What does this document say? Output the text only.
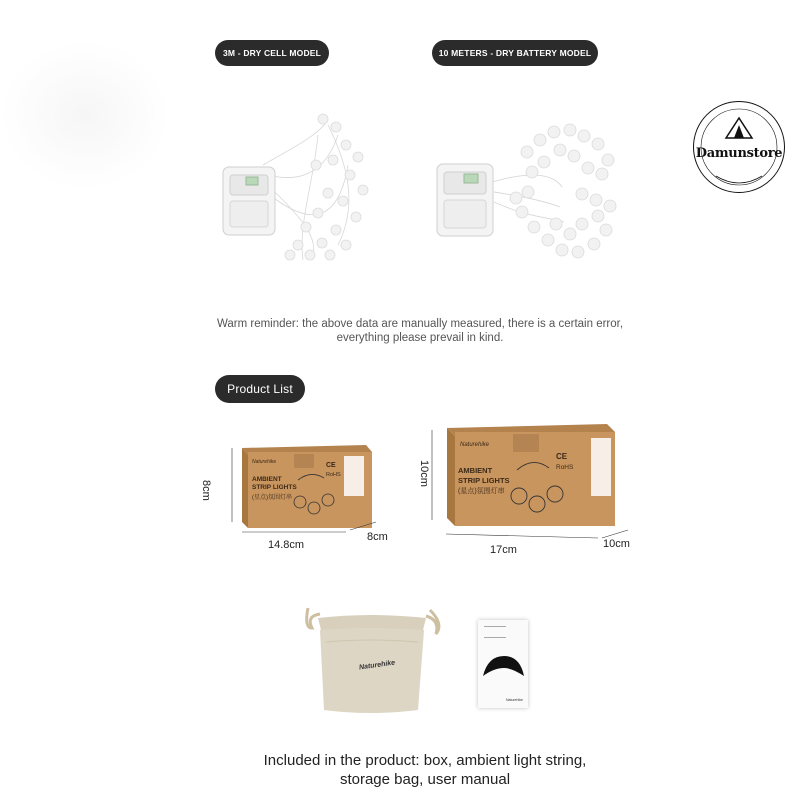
3M - DRY CELL MODEL	10 METERS - DRY BATTERY MODEL
Damunstore
Warm reminder: the above data are manually measured, there is a certain error,
everything please prevail in kind.
Product List
Naturehike
AMBIENT
STRIP LIGHTS
(星点)氛围灯串
CE
RoHS
8cm
14.8cm
8cm
Naturehike
AMBIENT
STRIP LIGHTS
(星点)氛围灯串
CE
RoHS
10cm
17cm	10cm
Naturehike
Naturehike
Included in the product: box, ambient light string,
storage bag, user manual
